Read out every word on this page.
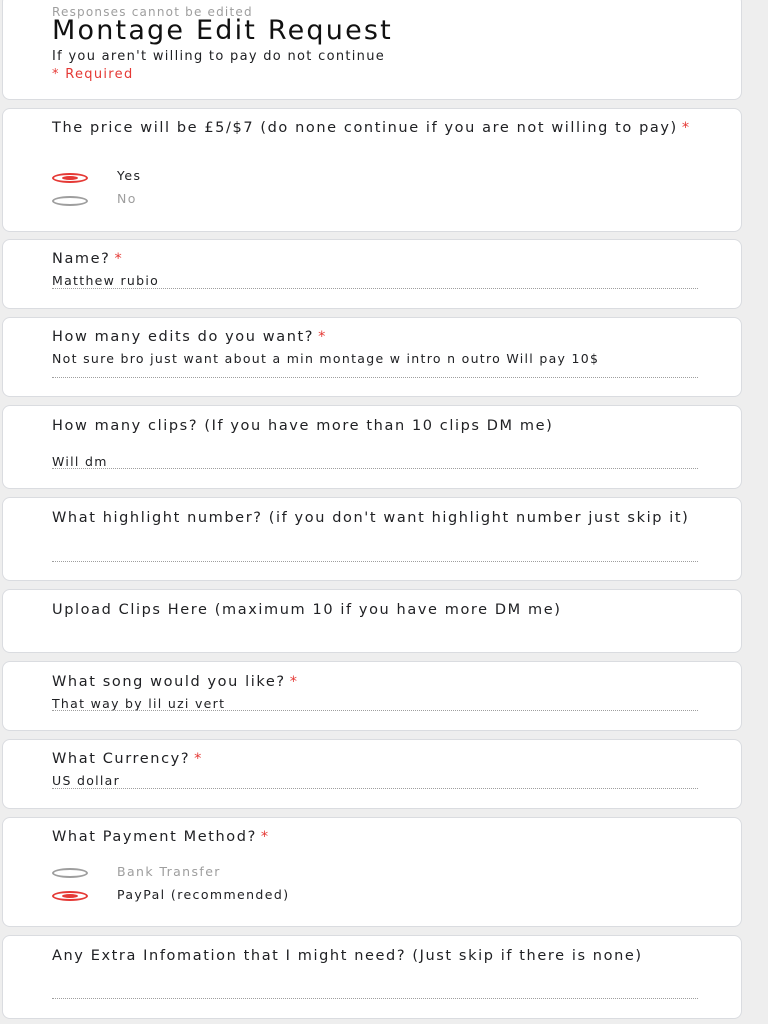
Responses cannot be edited
Montage Edit Request
If you aren't willing to pay do not continue
* Required
The price will be £5/$7 (do none continue if you are not willing to pay) *
Yes
No
Name? *
Matthew rubio
How many edits do you want? *
Not sure bro just want about a min montage w intro n outro Will pay 10$
How many clips? (If you have more than 10 clips DM me)
Will dm
What highlight number? (if you don't want highlight number just skip it)
Upload Clips Here (maximum 10 if you have more DM me)
What song would you like? *
That way by lil uzi vert
What Currency? *
US dollar
What Payment Method? *
Bank Transfer
PayPal (recommended)
Any Extra Infomation that I might need? (Just skip if there is none)
